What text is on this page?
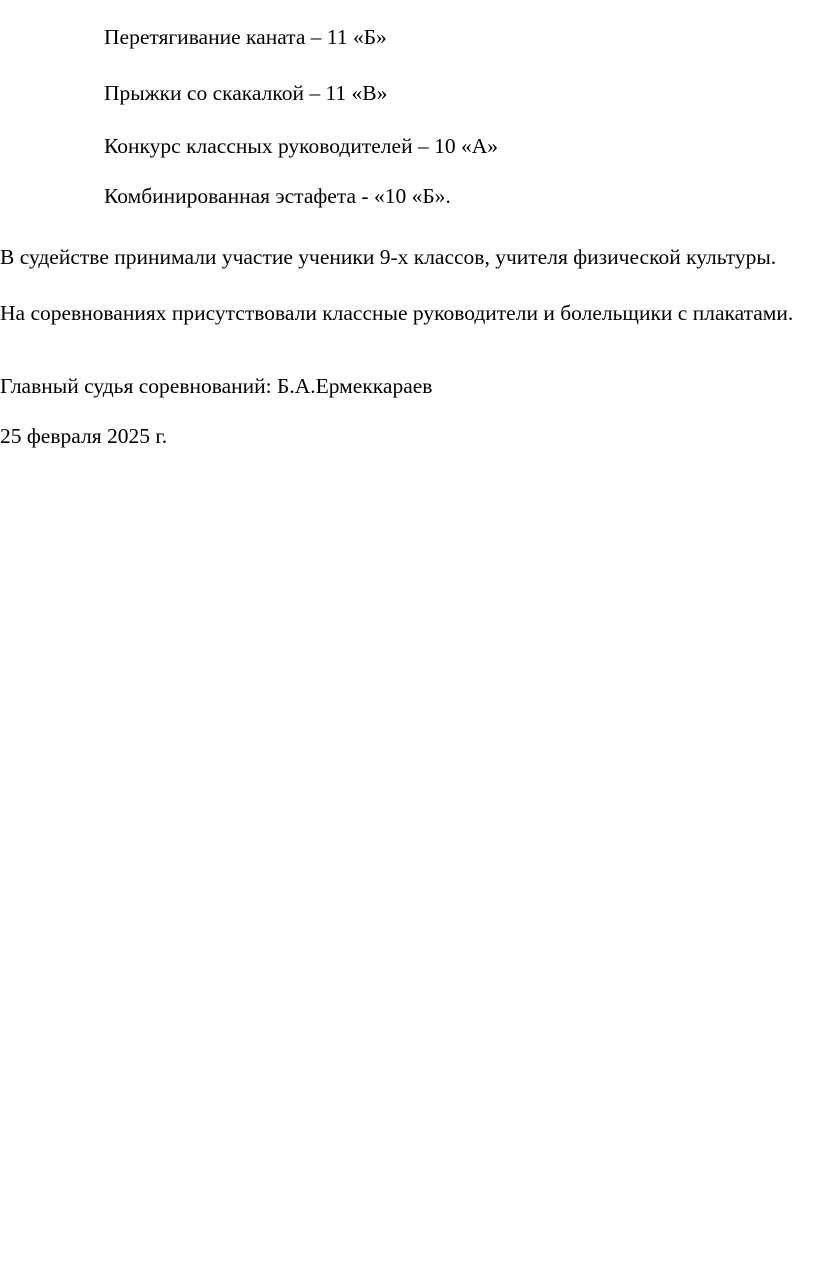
Перетягивание каната – 11 «Б»
Прыжки со скакалкой – 11 «В»
Конкурс классных руководителей – 10 «А»
Комбинированная эстафета - «10 «Б».
В судействе принимали участие ученики 9-х классов, учителя физической культуры.
На соревнованиях присутствовали классные руководители и болельщики с плакатами.
Главный судья соревнований: Б.А.Ермеккараев
25 февраля 2025 г.
